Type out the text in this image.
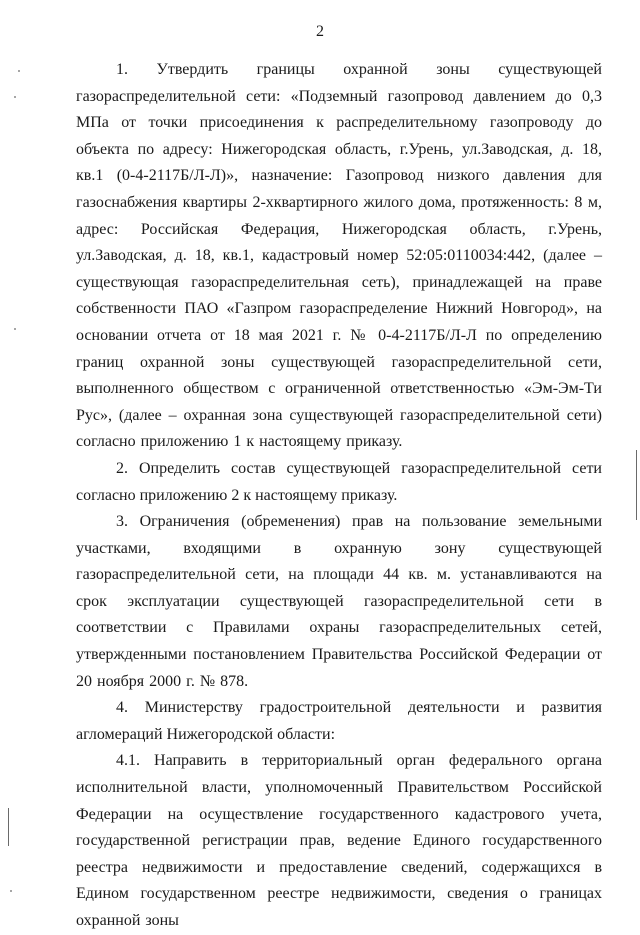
2

1. Утвердить границы охранной зоны существующей газораспределительной сети: «Подземный газопровод давлением до 0,3 МПа от точки присоединения к распределительному газопроводу до объекта по адресу: Нижегородская область, г.Урень, ул.Заводская, д. 18, кв.1 (0-4-2117Б/Л-Л)», назначение: Газопровод низкого давления для газоснабжения квартиры 2-хквартирного жилого дома, протяженность: 8 м, адрес: Российская Федерация, Нижегородская область, г.Урень, ул.Заводская, д. 18, кв.1, кадастровый номер 52:05:0110034:442, (далее – существующая газораспределительная сеть), принадлежащей на праве собственности ПАО «Газпром газораспределение Нижний Новгород», на основании отчета от 18 мая 2021 г. № 0-4-2117Б/Л-Л по определению границ охранной зоны существующей газораспределительной сети, выполненного обществом с ограниченной ответственностью «Эм-Эм-Ти Рус», (далее – охранная зона существующей газораспределительной сети) согласно приложению 1 к настоящему приказу.

2. Определить состав существующей газораспределительной сети согласно приложению 2 к настоящему приказу.

3. Ограничения (обременения) прав на пользование земельными участками, входящими в охранную зону существующей газораспределительной сети, на площади 44 кв. м. устанавливаются на срок эксплуатации существующей газораспределительной сети в соответствии с Правилами охраны газораспределительных сетей, утвержденными постановлением Правительства Российской Федерации от 20 ноября 2000 г. № 878.

4. Министерству градостроительной деятельности и развития агломераций Нижегородской области:

4.1. Направить в территориальный орган федерального органа исполнительной власти, уполномоченный Правительством Российской Федерации на осуществление государственного кадастрового учета, государственной регистрации прав, ведение Единого государственного реестра недвижимости и предоставление сведений, содержащихся в Едином государственном реестре недвижимости, сведения о границах охранной зоны
